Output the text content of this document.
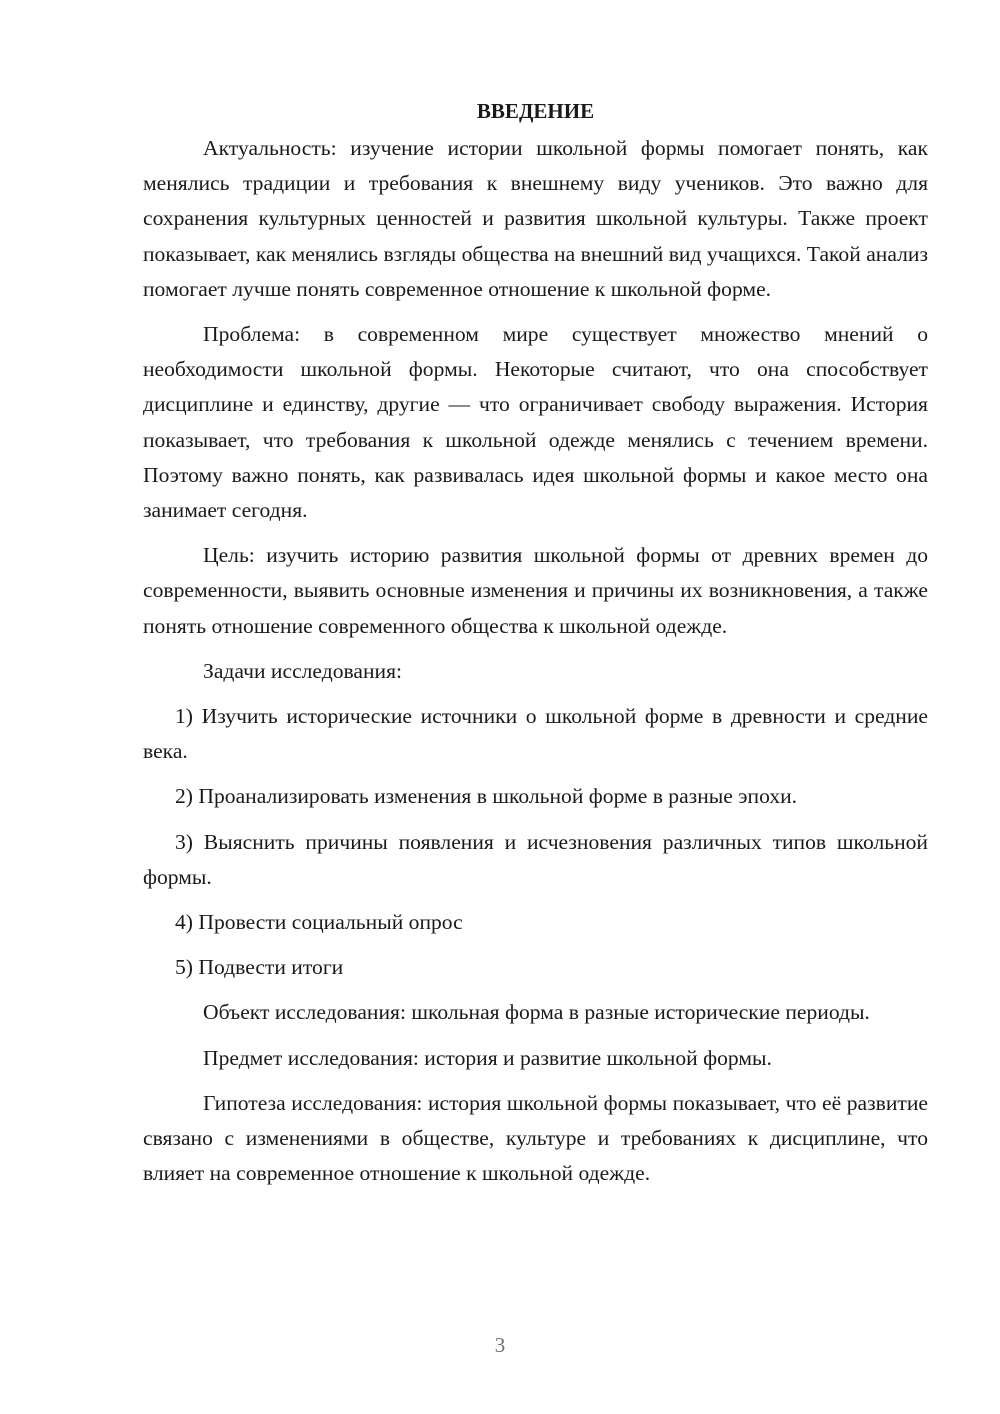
ВВЕДЕНИЕ

Актуальность: изучение истории школьной формы помогает понять, как менялись традиции и требования к внешнему виду учеников. Это важно для сохранения культурных ценностей и развития школьной культуры. Также проект показывает, как менялись взгляды общества на внешний вид учащихся. Такой анализ помогает лучше понять современное отношение к школьной форме.

Проблема: в современном мире существует множество мнений о необходимости школьной формы. Некоторые считают, что она способствует дисциплине и единству, другие — что ограничивает свободу выражения. История показывает, что требования к школьной одежде менялись с течением времени. Поэтому важно понять, как развивалась идея школьной формы и какое место она занимает сегодня.

Цель: изучить историю развития школьной формы от древних времен до современности, выявить основные изменения и причины их возникновения, а также понять отношение современного общества к школьной одежде.

Задачи исследования:

1) Изучить исторические источники о школьной форме в древности и средние века.

2) Проанализировать изменения в школьной форме в разные эпохи.

3) Выяснить причины появления и исчезновения различных типов школьной формы.

4) Провести социальный опрос

5) Подвести итоги

Объект исследования: школьная форма в разные исторические периоды.

Предмет исследования: история и развитие школьной формы.

Гипотеза исследования: история школьной формы показывает, что её развитие связано с изменениями в обществе, культуре и требованиях к дисциплине, что влияет на современное отношение к школьной одежде.

3
